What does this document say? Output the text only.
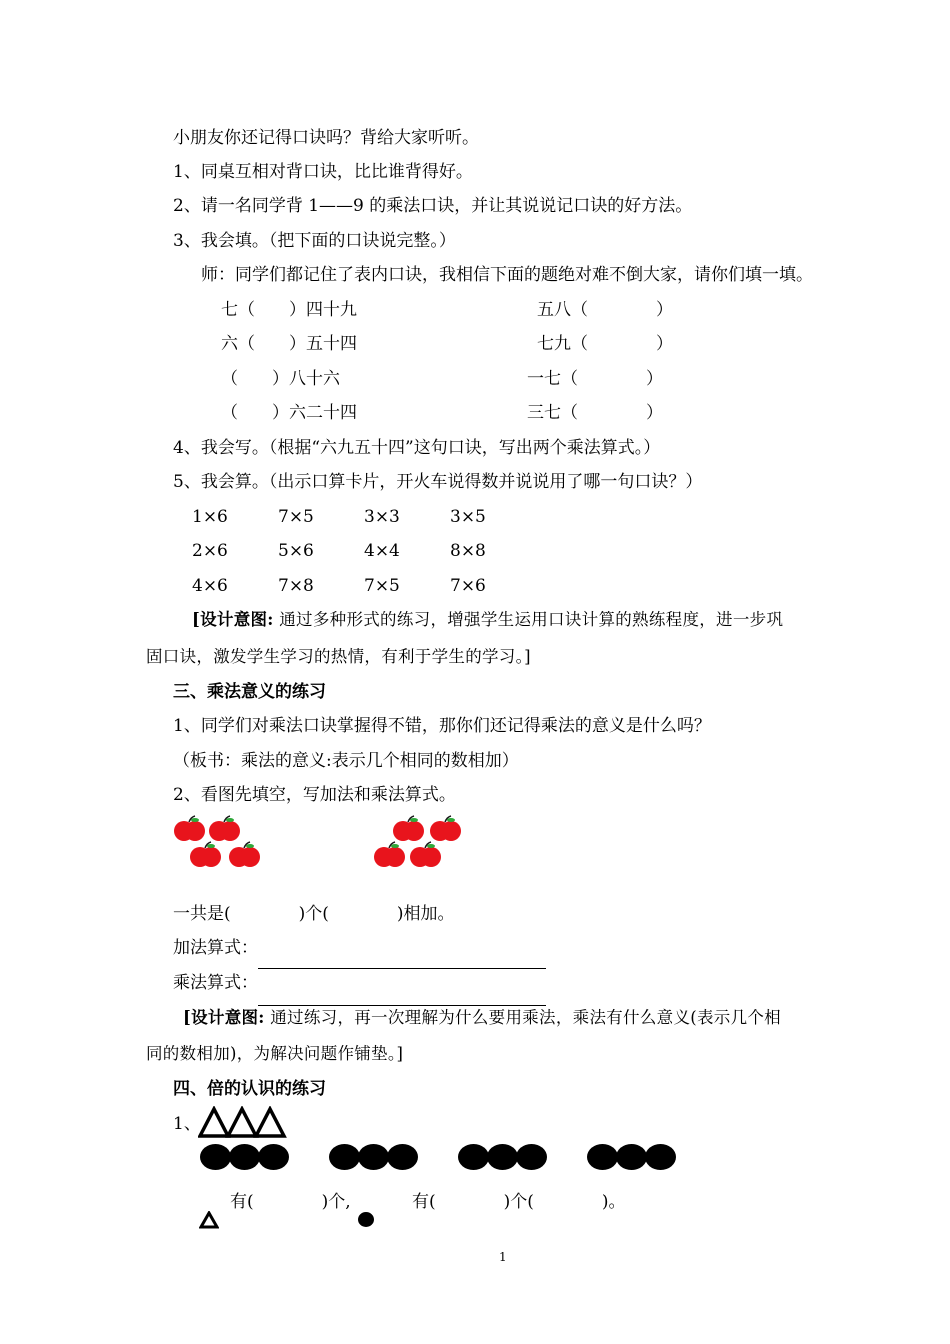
小朋友你还记得口诀吗？背给大家听听。
1、同桌互相对背口诀，比比谁背得好。
2、请一名同学背 1——9 的乘法口诀，并让其说说记口诀的好方法。
3、我会填。（把下面的口诀说完整。）
师：同学们都记住了表内口诀，我相信下面的题绝对难不倒大家，请你们填一填。
七（　　）四十九	五八（　　　　）
六（　　）五十四	七九（　　　　）
（　　）八十六	一七（　　　　）
（　　）六二十四	三七（　　　　）
4、我会写。（根据“六九五十四”这句口诀，写出两个乘法算式。）
5、我会算。（出示口算卡片，开火车说得数并说说用了哪一句口诀？）
1×6	7×5	3×3	3×5
2×6	5×6	4×4	8×8
4×6	7×8	7×5	7×6
[设计意图: 通过多种形式的练习，增强学生运用口诀计算的熟练程度，进一步巩
固口诀，激发学生学习的热情，有利于学生的学习。]
三、乘法意义的练习
1、同学们对乘法口诀掌握得不错，那你们还记得乘法的意义是什么吗？
（板书：乘法的意义:表示几个相同的数相加）
2、看图先填空，写加法和乘法算式。
一共是(　　　　)个(　　　　)相加。
加法算式：
乘法算式：
[设计意图: 通过练习，再一次理解为什么要用乘法，乘法有什么意义(表示几个相
同的数相加)，为解决问题作铺垫。]
四、倍的认识的练习
1、
有(　　　　)个,	有(　　　　)个(　　　　)。
1
